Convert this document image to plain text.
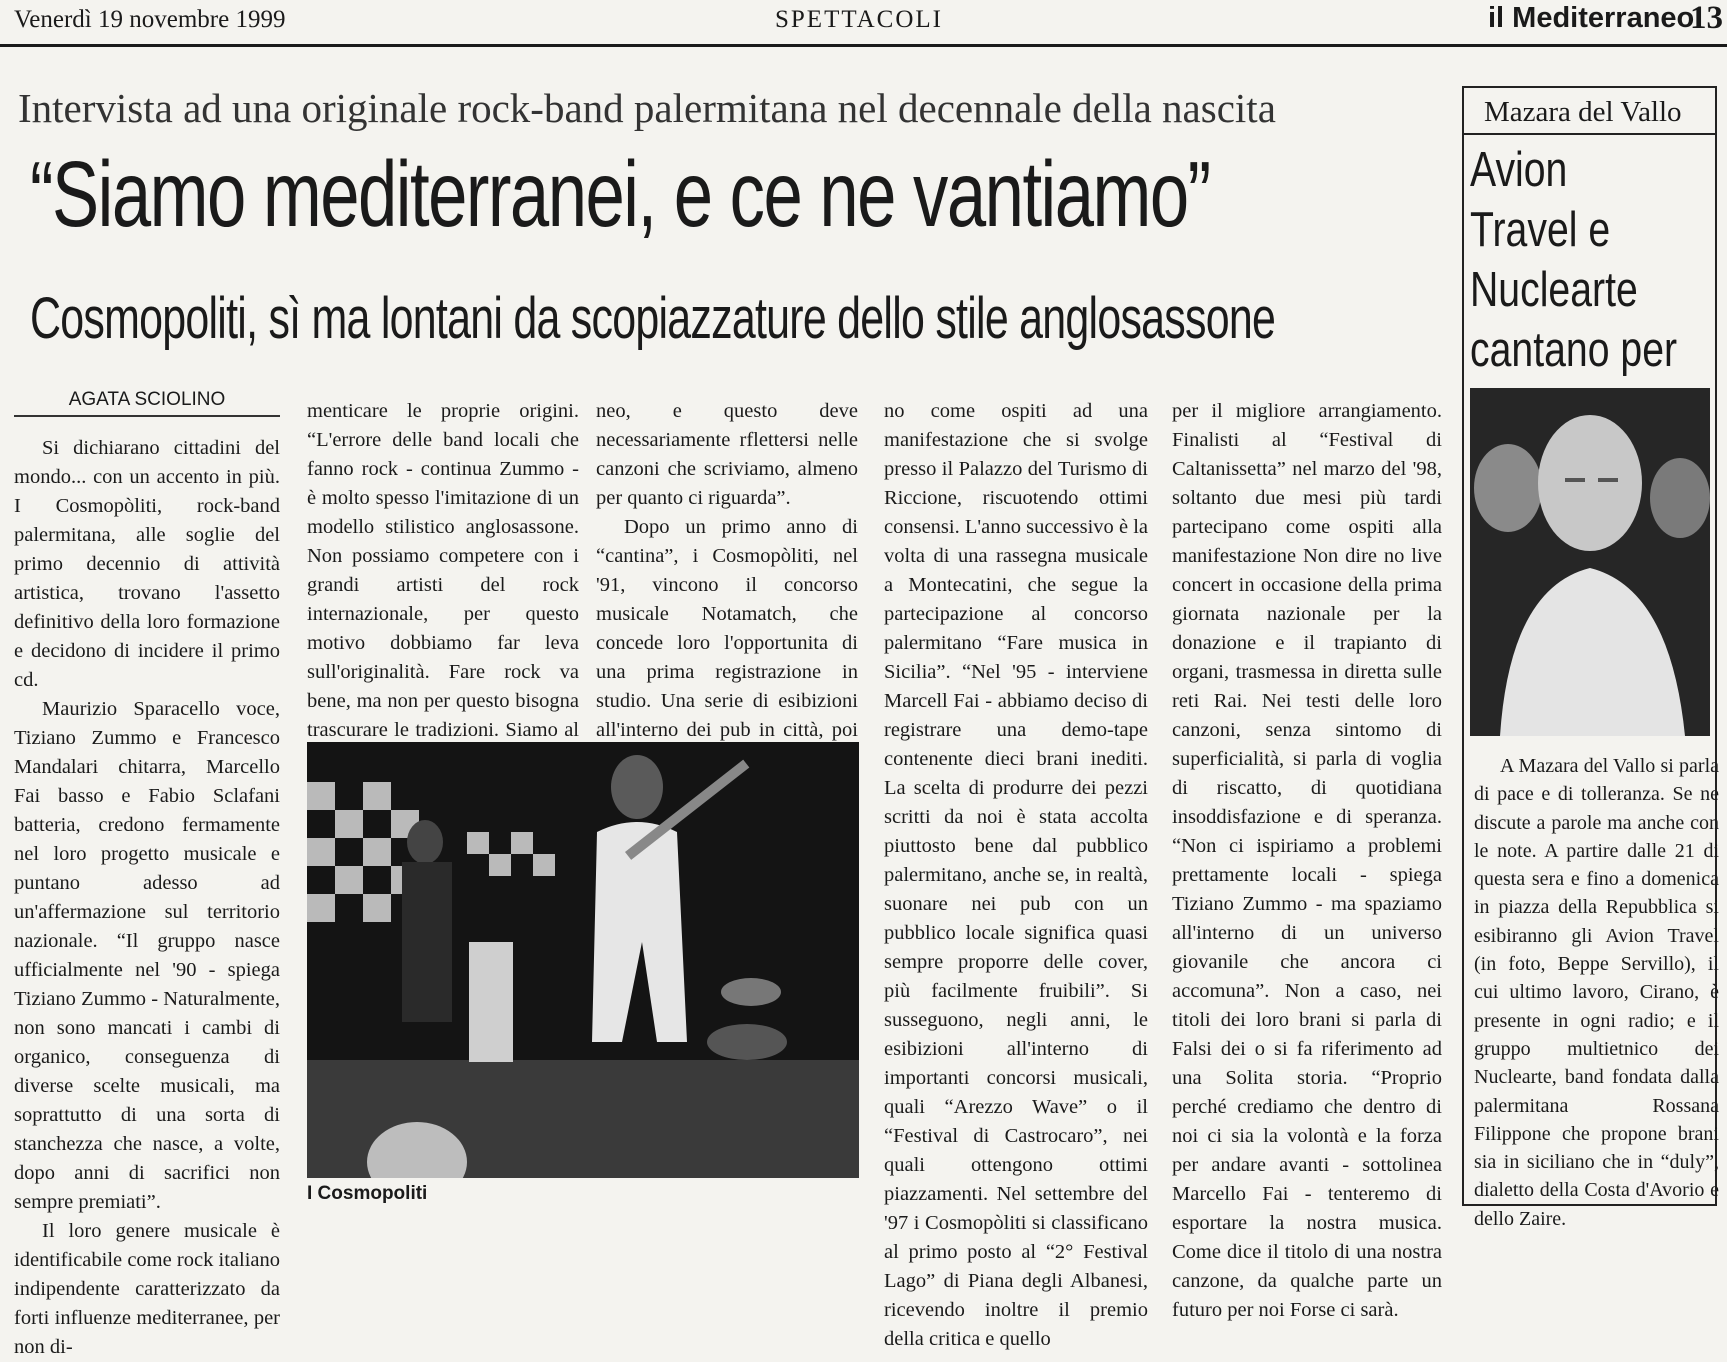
Venerdì 19 novembre 1999	SPETTACOLI	il Mediterraneo
13
Intervista ad una originale rock-band palermitana nel decennale della nascita
“Siamo mediterranei, e ce ne vantiamo”
Cosmopoliti, sì ma lontani da scopiazzature dello stile anglosassone
AGATA SCIOLINO

Si dichiarano cittadini del mondo... con un accento in più. I Cosmopòliti, rock-band palermitana, alle soglie del primo decennio di attività artistica, trovano l'assetto definitivo della loro formazione e decidono di incidere il primo cd.

Maurizio Sparacello voce, Tiziano Zummo e Francesco Mandalari chitarra, Marcello Fai basso e Fabio Sclafani batteria, credono fermamente nel loro progetto musicale e puntano adesso ad un'affermazione sul territorio nazionale. “Il gruppo nasce ufficialmente nel '90 - spiega Tiziano Zummo - Naturalmente, non sono mancati i cambi di organico, conseguenza di diverse scelte musicali, ma soprattutto di una sorta di stanchezza che nasce, a volte, dopo anni di sacrifici non sempre premiati”.

Il loro genere musicale è identificabile come rock italiano indipendente caratterizzato da forti influenze mediterranee, per non di-

menticare le proprie origini. “L'errore delle band locali che fanno rock - continua Zummo - è molto spesso l'imitazione di un modello stilistico anglosassone. Non possiamo competere con i grandi artisti del rock internazionale, per questo motivo dobbiamo far leva sull'originalità. Fare rock va bene, ma non per questo bisogna trascurare le tradizioni. Siamo al

neo, e questo deve necessariamente rflettersi nelle canzoni che scriviamo, almeno per quanto ci riguarda”.

Dopo un primo anno di “cantina”, i Cosmopòliti, nel '91, vincono il concorso musicale Notamatch, che concede loro l'opportunita di una prima registrazione in studio. Una serie di esibizioni all'interno dei pub in città, poi

no come ospiti ad una manifestazione che si svolge presso il Palazzo del Turismo di Riccione, riscuotendo ottimi consensi. L'anno successivo è la volta di una rassegna musicale a Montecatini, che segue la partecipazione al concorso palermitano “Fare musica in Sicilia”. “Nel '95 - interviene Marcell Fai - abbiamo deciso di registrare una demo-tape contenente dieci brani inediti. La scelta di produrre dei pezzi scritti da noi è stata accolta piuttosto bene dal pubblico palermitano, anche se, in realtà, suonare nei pub con un pubblico locale significa quasi sempre proporre delle cover, più facilmente fruibili”. Si susseguono, negli anni, le esibizioni all'interno di importanti concorsi musicali, quali “Arezzo Wave” o il “Festival di Castrocaro”, nei quali ottengono ottimi piazzamenti. Nel settembre del '97 i Cosmopòliti si classificano al primo posto al “2° Festival Lago” di Piana degli Albanesi, ricevendo inoltre il premio della critica e quello

per il migliore arrangiamento. Finalisti al “Festival di Caltanissetta” nel marzo del '98, soltanto due mesi più tardi partecipano come ospiti alla manifestazione Non dire no live concert in occasione della prima giornata nazionale per la donazione e il trapianto di organi, trasmessa in diretta sulle reti Rai. Nei testi delle loro canzoni, senza sintomo di superficialità, si parla di voglia di riscatto, di quotidiana insoddisfazione e di speranza. “Non ci ispiriamo a problemi prettamente locali - spiega Tiziano Zummo - ma spaziamo all'interno di un universo giovanile che ancora ci accomuna”. Non a caso, nei titoli dei loro brani si parla di Falsi dei o si fa riferimento ad una Solita storia. “Proprio perché crediamo che dentro di noi ci sia la volontà e la forza per andare avanti - sottolinea Marcello Fai - tenteremo di esportare la nostra musica. Come dice il titolo di una nostra canzone, da qualche parte un futuro per noi Forse ci sarà.

I Cosmopoliti
Mazara del Vallo
Avion Travel e Nuclearte cantano per

A Mazara del Vallo si parla di pace e di tolleranza. Se ne discute a parole ma anche con le note. A partire dalle 21 di questa sera e fino a domenica in piazza della Repubblica si esibiranno gli Avion Travel (in foto, Beppe Servillo), il cui ultimo lavoro, Cirano, è presente in ogni radio; e il gruppo multietnico dei Nuclearte, band fondata dalla palermitana Rossana Filippone che propone brani sia in siciliano che in “duly”, dialetto della Costa d'Avorio e dello Zaire.
